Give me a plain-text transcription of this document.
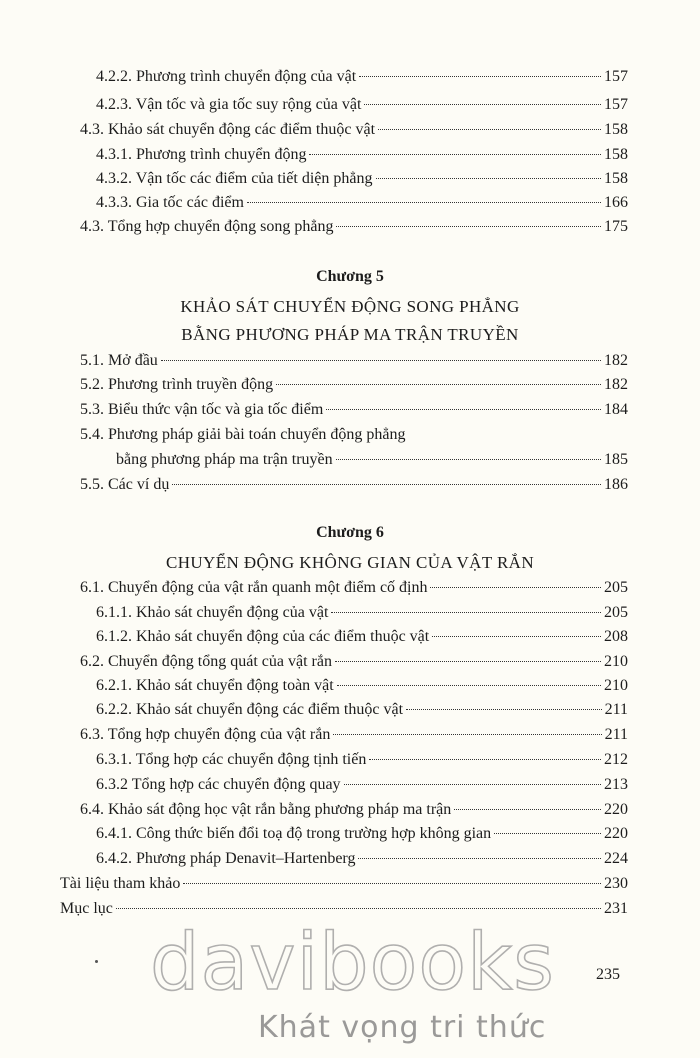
4.2.2. Phương trình chuyển động của vật	157
4.2.3. Vận tốc và gia tốc suy rộng của vật	157
4.3. Khảo sát chuyển động các điểm thuộc vật	158
4.3.1. Phương trình chuyển động	158
4.3.2. Vận tốc các điểm của tiết diện phẳng	158
4.3.3. Gia tốc các điểm	166
4.3. Tổng hợp chuyển động song phẳng	175
Chương 5
KHẢO SÁT CHUYỂN ĐỘNG SONG PHẲNG
BẰNG PHƯƠNG PHÁP MA TRẬN TRUYỀN
5.1. Mở đầu	182
5.2. Phương trình truyền động	182
5.3. Biểu thức vận tốc và gia tốc điểm	184
5.4. Phương pháp giải bài toán chuyển động phẳng
bằng phương pháp ma trận truyền	185
5.5. Các ví dụ	186
Chương 6
CHUYỂN ĐỘNG KHÔNG GIAN CỦA VẬT RẮN
6.1. Chuyển động của vật rắn quanh một điểm cố định	205
6.1.1. Khảo sát chuyển động của vật	205
6.1.2. Khảo sát chuyển động của các điểm thuộc vật	208
6.2. Chuyển động tổng quát của vật rắn	210
6.2.1. Khảo sát chuyển động toàn vật	210
6.2.2. Khảo sát chuyển động các điểm thuộc vật	211
6.3. Tổng hợp chuyển động của vật rắn	211
6.3.1. Tổng hợp các chuyển động tịnh tiến	212
6.3.2 Tổng hợp các chuyển động quay	213
6.4. Khảo sát động học vật rắn bằng phương pháp ma trận	220
6.4.1. Công thức biến đổi toạ độ trong trường hợp không gian	220
6.4.2. Phương pháp Denavit–Hartenberg	224
Tài liệu tham khảo	230
Mục lục	231
davibooks
Khát vọng tri thức
235
